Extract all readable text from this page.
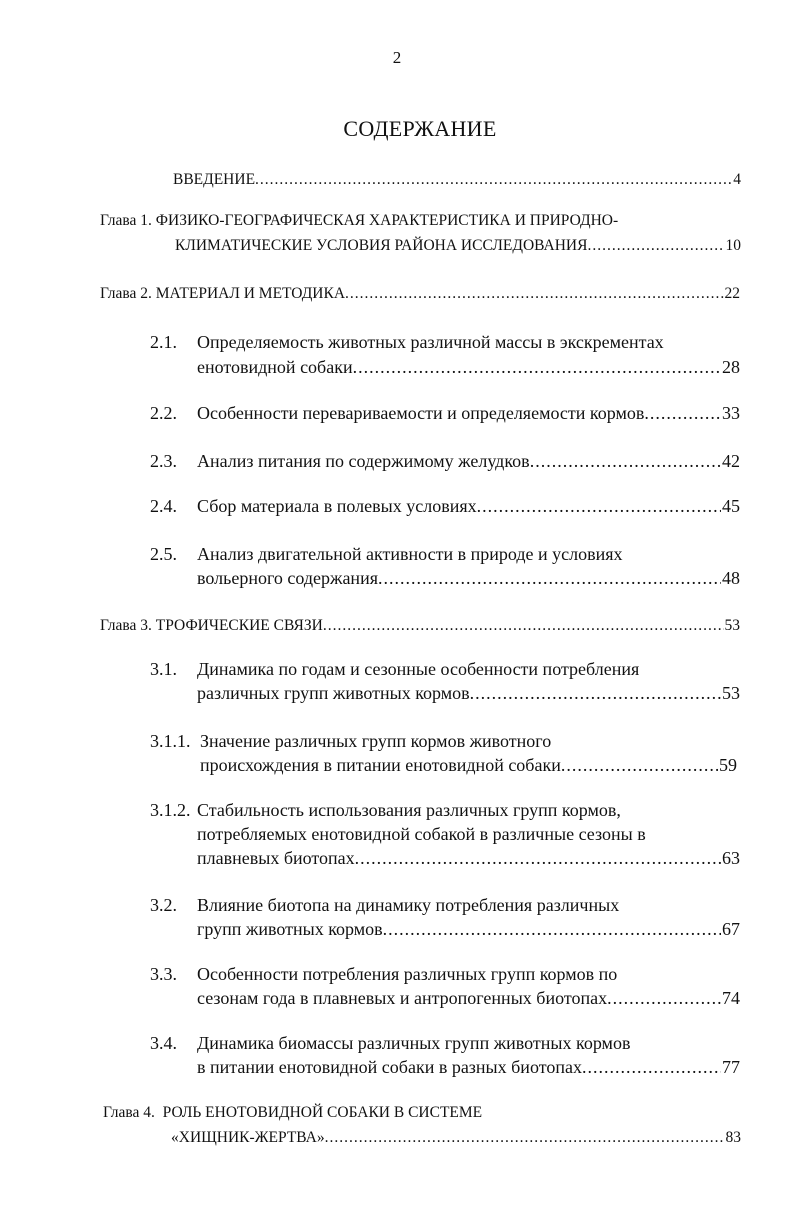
2
СОДЕРЖАНИЕ
ВВЕДЕНИЕ .....	4
Глава 1. ФИЗИКО-ГЕОГРАФИЧЕСКАЯ ХАРАКТЕРИСТИКА И ПРИРОДНО-
КЛИМАТИЧЕСКИЕ УСЛОВИЯ РАЙОНА ИССЛЕДОВАНИЯ .....	10
Глава 2. МАТЕРИАЛ И МЕТОДИКА .....	22
2.1. Определяемость животных различной массы в экскрементах
енотовидной собаки .....	28
2.2. Особенности перевариваемости и определяемости кормов .....	33
2.3. Анализ питания по содержимому желудков .....	42
2.4. Сбор материала в полевых условиях .....	45
2.5. Анализ двигательной активности в природе и условиях
вольерного содержания .....	48
Глава 3. ТРОФИЧЕСКИЕ СВЯЗИ .....	53
3.1. Динамика по годам и сезонные особенности потребления
различных групп животных кормов .....	53
3.1.1. Значение различных групп кормов животного
происхождения в питании енотовидной собаки .....	59
3.1.2. Стабильность использования различных групп кормов,
потребляемых енотовидной собакой в различные сезоны в
плавневых биотопах .....	63
3.2. Влияние биотопа на динамику потребления различных
групп животных кормов .....	67
3.3. Особенности потребления различных групп кормов по
сезонам года в плавневых и антропогенных биотопах .....	74
3.4. Динамика биомассы различных групп животных кормов
в питании енотовидной собаки в разных биотопах .....	77
Глава 4.  РОЛЬ ЕНОТОВИДНОЙ СОБАКИ В СИСТЕМЕ
«ХИЩНИК-ЖЕРТВА» .....	83
